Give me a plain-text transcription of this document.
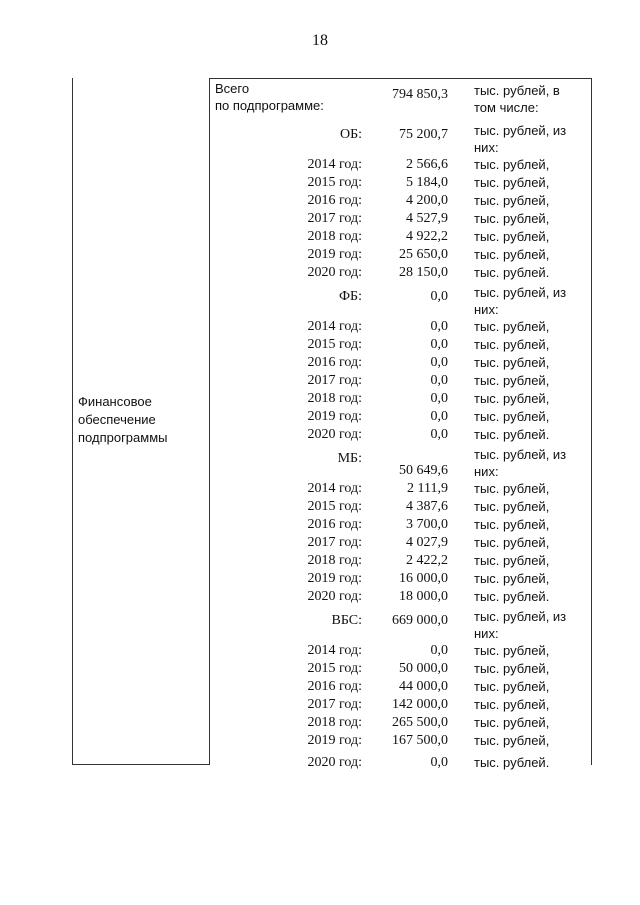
18
Финансовое
обеспечение
подпрограммы
Всего
по подпрограмме:
794 850,3 тыс. рублей, в
том числе:
ОБ:	75 200,7 тыс. рублей, из
них:
2014 год:	2 566,6 тыс. рублей,
2015 год:	5 184,0 тыс. рублей,
2016 год:	4 200,0 тыс. рублей,
2017 год:	4 527,9 тыс. рублей,
2018 год:	4 922,2 тыс. рублей,
2019 год:	25 650,0 тыс. рублей,
2020 год:	28 150,0 тыс. рублей.
ФБ:	0,0 тыс. рублей, из
них:
2014 год:	0,0 тыс. рублей,
2015 год:	0,0 тыс. рублей,
2016 год:	0,0 тыс. рублей,
2017 год:	0,0 тыс. рублей,
2018 год:	0,0 тыс. рублей,
2019 год:	0,0 тыс. рублей,
2020 год:	0,0 тыс. рублей.
МБ:
50 649,6
тыс. рублей, из
них:
2014 год:	2 111,9 тыс. рублей,
2015 год:	4 387,6 тыс. рублей,
2016 год:	3 700,0 тыс. рублей,
2017 год:	4 027,9 тыс. рублей,
2018 год:	2 422,2 тыс. рублей,
2019 год:	16 000,0 тыс. рублей,
2020 год:	18 000,0 тыс. рублей.
ВБС: 669 000,0 тыс. рублей, из
них:
2014 год:	0,0 тыс. рублей,
2015 год:	50 000,0 тыс. рублей,
2016 год:	44 000,0 тыс. рублей,
2017 год: 142 000,0 тыс. рублей,
2018 год: 265 500,0 тыс. рублей,
2019 год: 167 500,0 тыс. рублей,
2020 год:	0,0 тыс. рублей.
